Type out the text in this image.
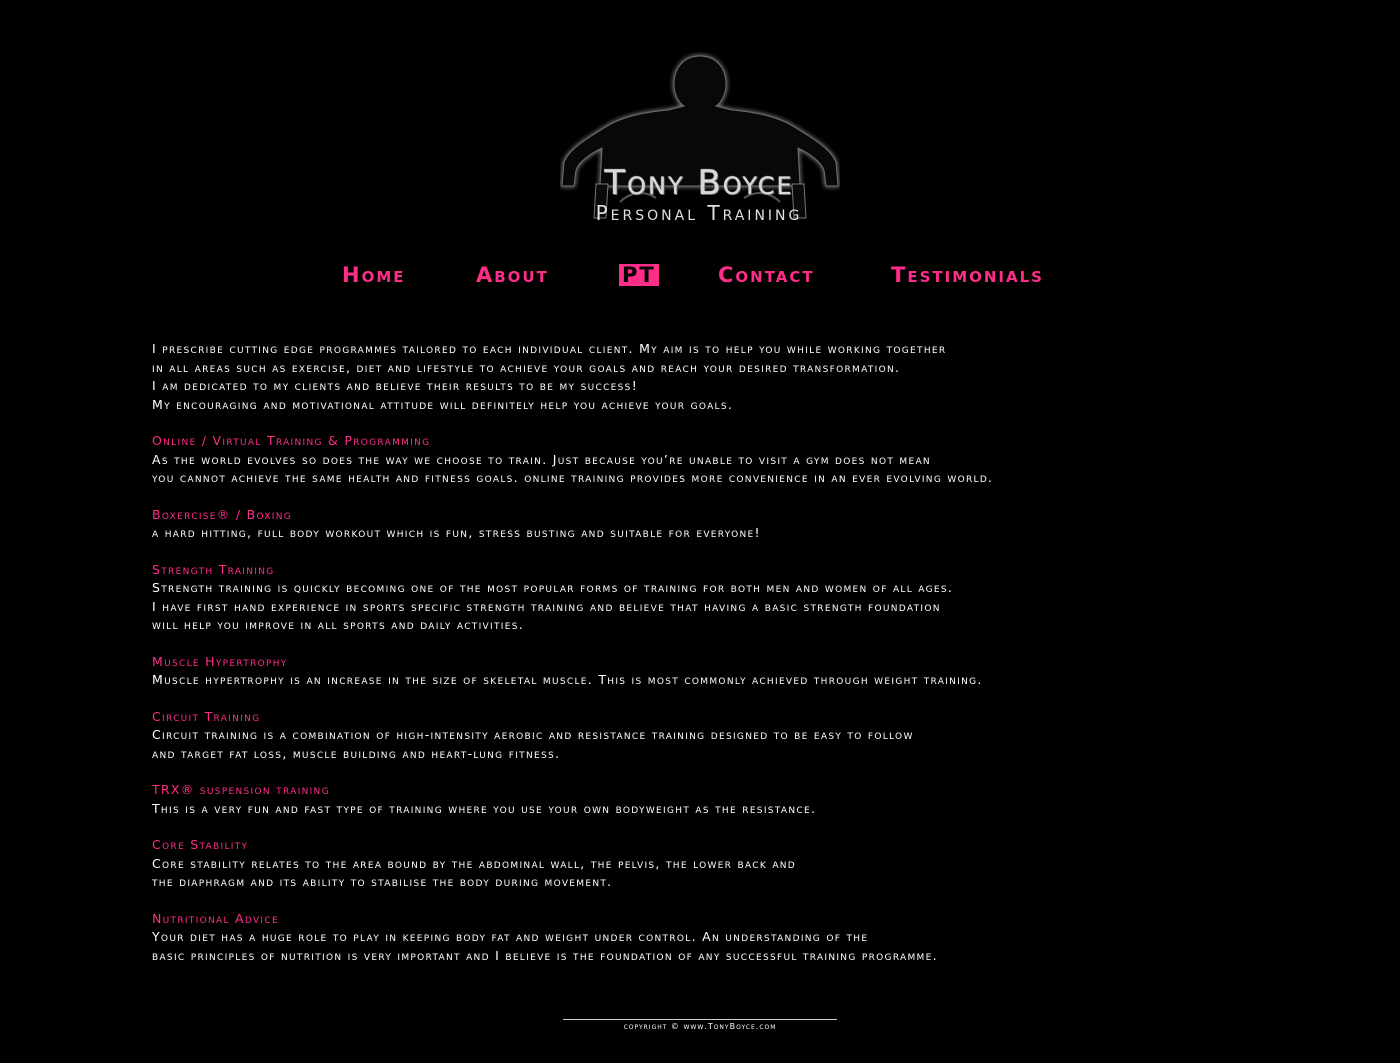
Tony Boyce
Personal Training
Home	About	PT	Contact	Testimonials

I prescribe cutting edge programmes tailored to each individual client. My aim is to help you while working together

in all areas such as exercise, diet and lifestyle to achieve your goals and reach your desired transformation.

I am dedicated to my clients and believe their results to be my success!

My encouraging and motivational attitude will definitely help you achieve your goals.

Online / Virtual Training & Programming

As the world evolves so does the way we choose to train. Just because you’re unable to visit a gym does not mean

you cannot achieve the same health and fitness goals. online training provides more convenience in an ever evolving world.

Boxercise® / Boxing

a hard hitting, full body workout which is fun, stress busting and suitable for everyone!

Strength Training

Strength training is quickly becoming one of the most popular forms of training for both men and women of all ages.

I have first hand experience in sports specific strength training and believe that having a basic strength foundation

will help you improve in all sports and daily activities.

Muscle Hypertrophy

Muscle hypertrophy is an increase in the size of skeletal muscle. This is most commonly achieved through weight training.

Circuit Training

Circuit training is a combination of high-intensity aerobic and resistance training designed to be easy to follow

and target fat loss, muscle building and heart-lung fitness.

TRX® suspension training

This is a very fun and fast type of training where you use your own bodyweight as the resistance.

Core Stability

Core stability relates to the area bound by the abdominal wall, the pelvis, the lower back and

the diaphragm and its ability to stabilise the body during movement.

Nutritional Advice

Your diet has a huge role to play in keeping body fat and weight under control. An understanding of the

basic principles of nutrition is very important and I believe is the foundation of any successful training programme.

copyright © www.TonyBoyce.com
